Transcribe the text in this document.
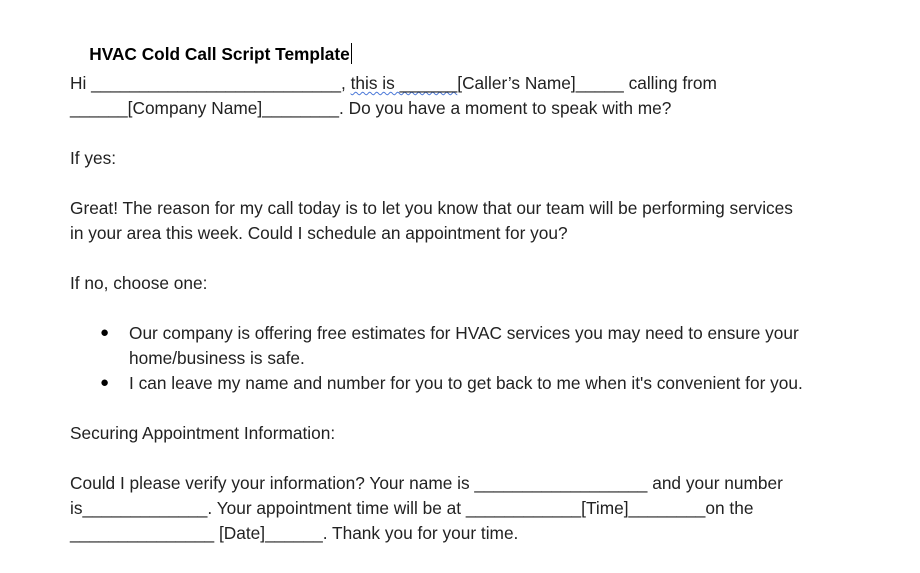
HVAC Cold Call Script Template

Hi __________________________, this is ______[Caller’s Name]_____ calling from
______[Company Name]________. Do you have a moment to speak with me?
If yes:
Great! The reason for my call today is to let you know that our team will be performing services
in your area this week. Could I schedule an appointment for you?
If no, choose one:
● Our company is offering free estimates for HVAC services you may need to ensure your
home/business is safe.
● I can leave my name and number for you to get back to me when it's convenient for you.
Securing Appointment Information:
Could I please verify your information? Your name is __________________ and your number
is_____________. Your appointment time will be at ____________[Time]________on the
_______________ [Date]______. Thank you for your time.
